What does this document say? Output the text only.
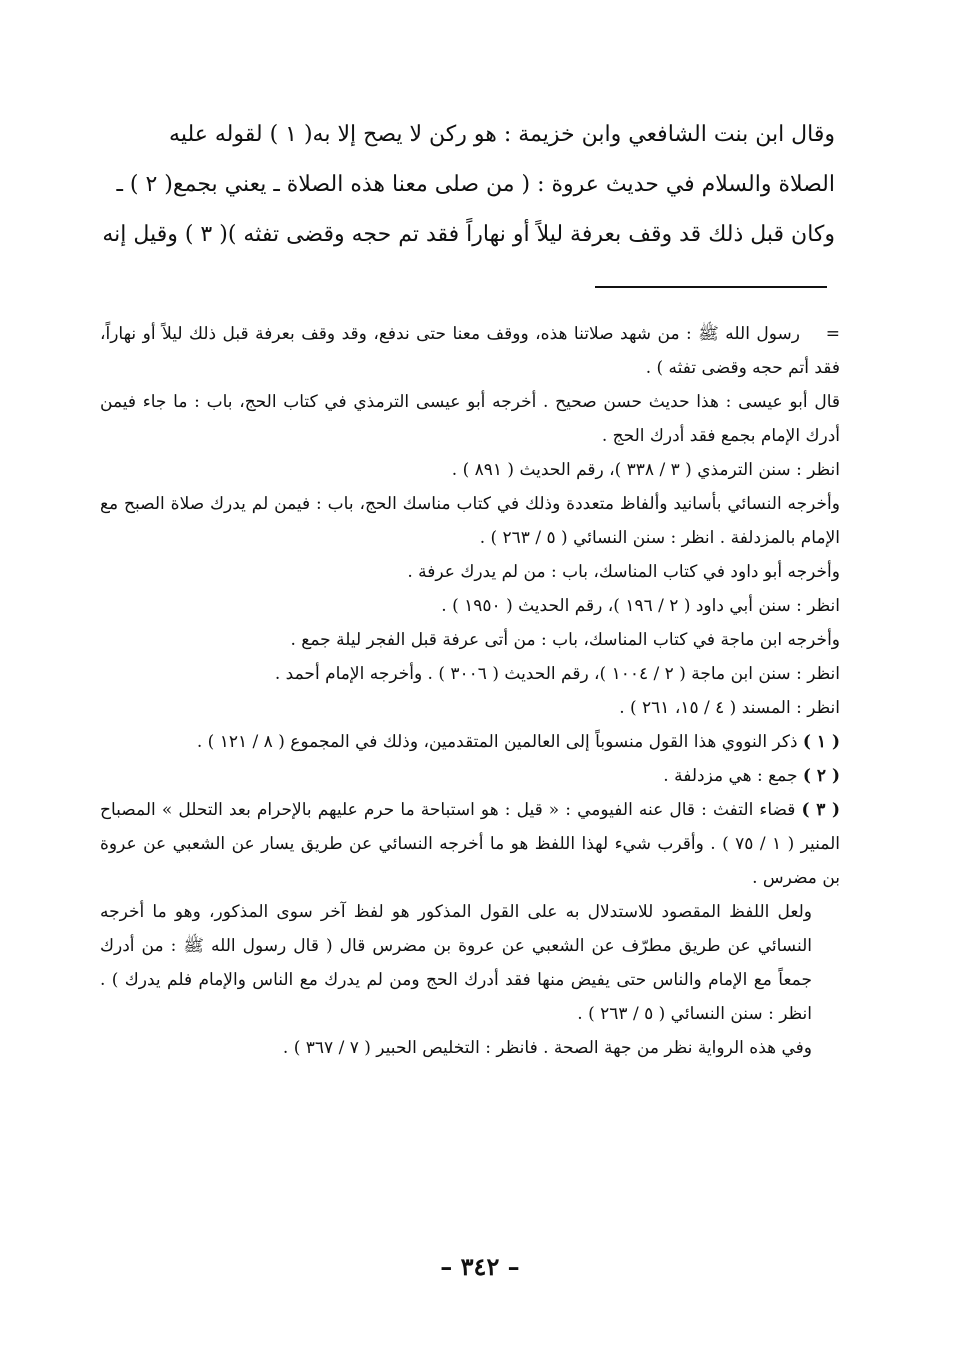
وقال ابن بنت الشافعي وابن خزيمة : هو ركن لا يصح إلا به( ١ ) لقوله عليه

الصلاة والسلام في حديث عروة : ( من صلى معنا هذه الصلاة ـ يعني بجمع( ٢ ) ـ

وكان قبل ذلك قد وقف بعرفة ليلاً أو نهاراً فقد تم حجه وقضى تفثه )( ٣ ) وقيل إنه

=رسول الله ﷺ : من شهد صلاتنا هذه، ووقف معنا حتى ندفع، وقد وقف بعرفة قبل ذلك ليلاً أو نهاراً، فقد أتم حجه وقضى تفثه ) .

قال أبو عيسى : هذا حديث حسن صحيح . أخرجه أبو عيسى الترمذي في كتاب الحج، باب : ما جاء فيمن أدرك الإمام بجمع فقد أدرك الحج .

انظر : سنن الترمذي ( ٣ / ٣٣٨ )، رقم الحديث ( ٨٩١ ) .

وأخرجه النسائي بأسانيد وألفاظ متعددة وذلك في كتاب مناسك الحج، باب : فيمن لم يدرك صلاة الصبح مع الإمام بالمزدلفة . انظر : سنن النسائي ( ٥ / ٢٦٣ ) .

وأخرجه أبو داود في كتاب المناسك، باب : من لم يدرك عرفة .

انظر : سنن أبي داود ( ٢ / ١٩٦ )، رقم الحديث ( ١٩٥٠ ) .

وأخرجه ابن ماجة في كتاب المناسك، باب : من أتى عرفة قبل الفجر ليلة جمع .

انظر : سنن ابن ماجة ( ٢ / ١٠٠٤ )، رقم الحديث ( ٣٠٠٦ ) . وأخرجه الإمام أحمد .

انظر : المسند ( ٤ / ١٥، ٢٦١ ) .

( ١ ) ذكر النووي هذا القول منسوباً إلى العالمين المتقدمين، وذلك في المجموع ( ٨ / ١٢١ ) .

( ٢ ) جمع : هي مزدلفة .

( ٣ ) قضاء التفث : قال عنه الفيومي : « قيل : هو استباحة ما حرم عليهم بالإحرام بعد التحلل » المصباح المنير ( ١ / ٧٥ ) . وأقرب شيء لهذا اللفظ هو ما أخرجه النسائي عن طريق يسار عن الشعبي عن عروة بن مضرس .

ولعل اللفظ المقصود للاستدلال به على القول المذكور هو لفظ آخر سوى المذكور، وهو ما أخرجه النسائي عن طريق مطرّف عن الشعبي عن عروة بن مضرس قال ( قال رسول الله ﷺ : من أدرك جمعاً مع الإمام والناس حتى يفيض منها فقد أدرك الحج ومن لم يدرك مع الناس والإمام فلم يدرك ) . انظر : سنن النسائي ( ٥ / ٢٦٣ ) .

وفي هذه الرواية نظر من جهة الصحة . فانظر : التخليص الحبير ( ٧ / ٣٦٧ ) .

– ٣٤٢ –
